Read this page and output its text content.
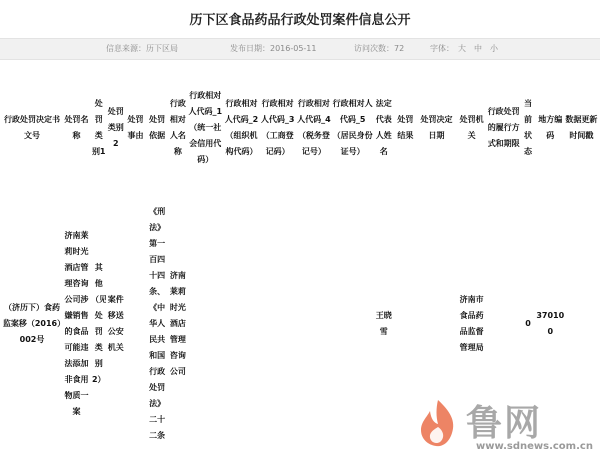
历下区食品药品行政处罚案件信息公开
信息来源：历下区局	发布日期：2016-05-11	访问次数：72	字体： 大 中 小
行政处罚决定书文号	处罚名称	处罚类别1	处罚类别2	处罚事由	处罚依据	行政相对人名称	行政相对人代码_1（统一社会信用代码）	行政相对人代码_2（组织机构代码）	行政相对人代码_3（工商登记码）	行政相对人代码_4（税务登记号）	行政相对人代码_5（居民身份证号）	法定代表人姓名	处罚结果	处罚决定日期	处罚机关	行政处罚的履行方式和期限	当前状态	地方编码	数据更新时间戳
（济历下）食药监案移（2016）002号	济南莱莉时光酒店管理咨询公司涉嫌销售的食品可能违法添加非食用物质一案	其他（见处罚类别2）	案件移送公安机关		《刑法》第一百四十四条、《中华人民共和国行政处罚法》二十二条	济南莱莉时光酒店管理咨询公司						王晓雪			济南市食品药品监督管理局		0	370100	
鲁网
www.sdnews.com.cn
